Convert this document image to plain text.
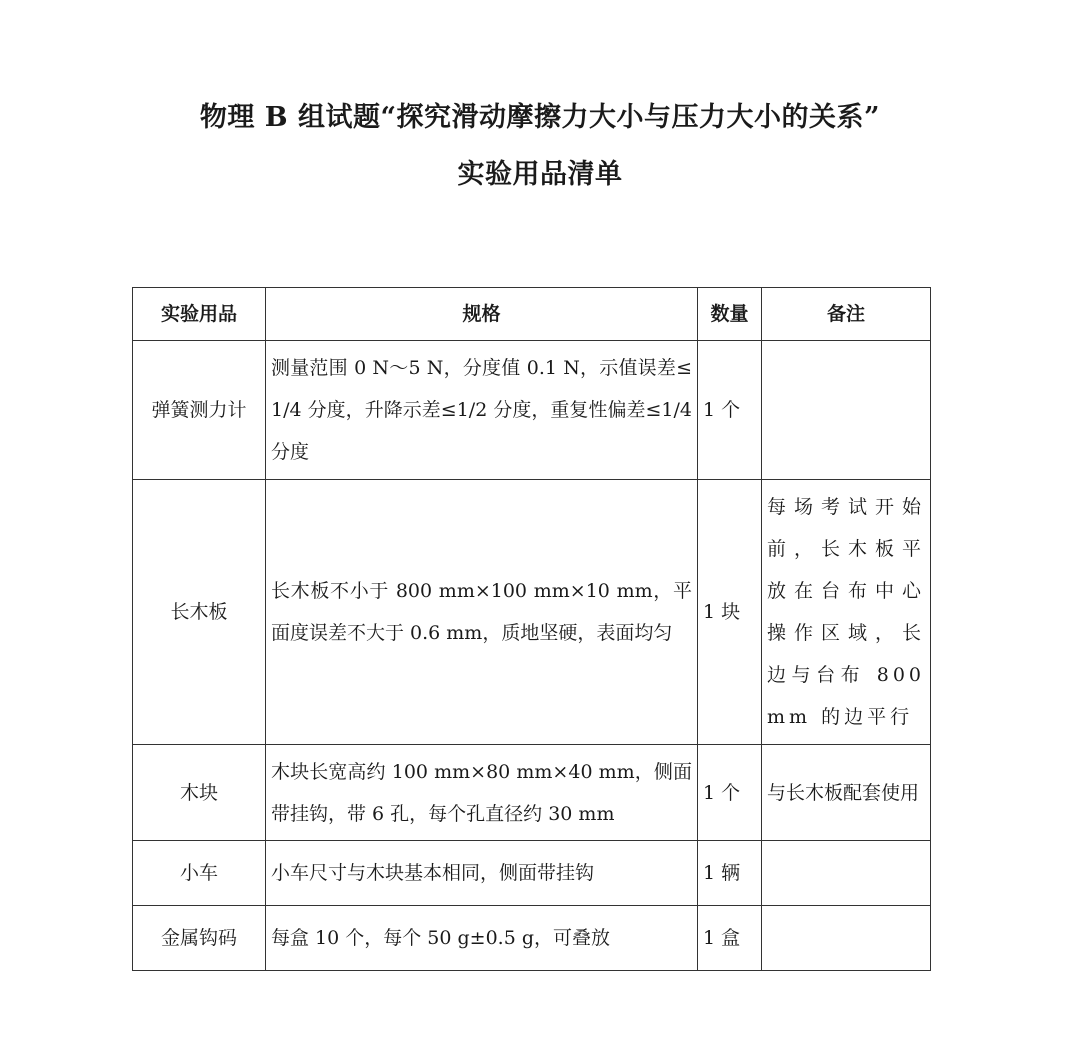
物理 B 组试题“探究滑动摩擦力大小与压力大小的关系”
实验用品清单
实验用品	规格	数量	备注
弹簧测力计	测量范围 0 N～5 N，分度值 0.1 N，示值误差≤1/4 分度，升降示差≤1/2 分度，重复性偏差≤1/4 分度	1 个	
长木板	长木板不小于 800 mm×100 mm×10 mm，平面度误差不大于 0.6 mm，质地坚硬，表面均匀	1 块	每场考试开始前，长木板平放在台布中心操作区域，长边与台布 800 mm 的边平行
木块	木块长宽高约 100 mm×80 mm×40 mm，侧面带挂钩，带 6 孔，每个孔直径约 30 mm	1 个	与长木板配套使用
小车	小车尺寸与木块基本相同，侧面带挂钩	1 辆	
金属钩码	每盒 10 个，每个 50 g±0.5 g，可叠放	1 盒	
